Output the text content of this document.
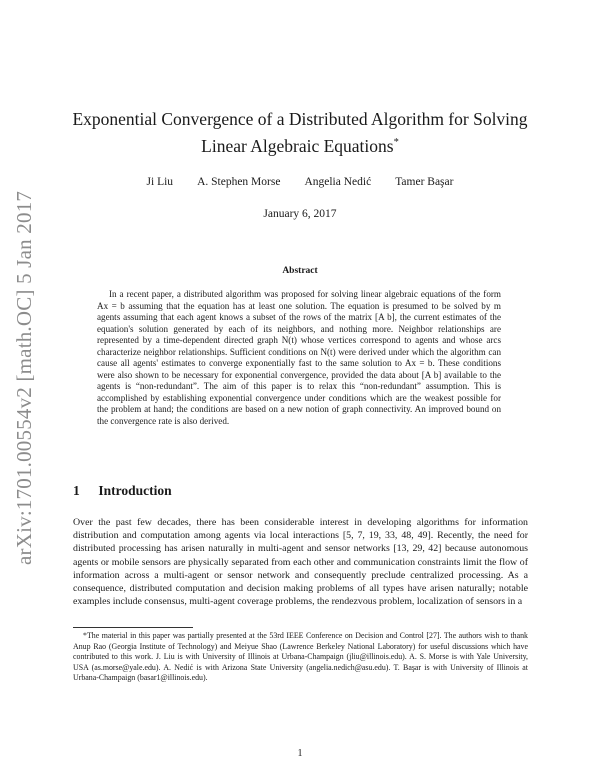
arXiv:1701.00554v2 [math.OC] 5 Jan 2017
Exponential Convergence of a Distributed Algorithm for Solving
Linear Algebraic Equations*
Ji Liu A. Stephen Morse Angelia Nedić Tamer Başar
January 6, 2017
Abstract
In a recent paper, a distributed algorithm was proposed for solving linear algebraic equations of the form Ax = b assuming that the equation has at least one solution. The equation is presumed to be solved by m agents assuming that each agent knows a subset of the rows of the matrix [A b], the current estimates of the equation's solution generated by each of its neighbors, and nothing more. Neighbor relationships are represented by a time-dependent directed graph N(t) whose vertices correspond to agents and whose arcs characterize neighbor relationships. Sufficient conditions on N(t) were derived under which the algorithm can cause all agents' estimates to converge exponentially fast to the same solution to Ax = b. These conditions were also shown to be necessary for exponential convergence, provided the data about [A b] available to the agents is “non-redundant”. The aim of this paper is to relax this “non-redundant” assumption. This is accomplished by establishing exponential convergence under conditions which are the weakest possible for the problem at hand; the conditions are based on a new notion of graph connectivity. An improved bound on the convergence rate is also derived.
1 Introduction
Over the past few decades, there has been considerable interest in developing algorithms for information distribution and computation among agents via local interactions [5, 7, 19, 33, 48, 49]. Recently, the need for distributed processing has arisen naturally in multi-agent and sensor networks [13, 29, 42] because autonomous agents or mobile sensors are physically separated from each other and communication constraints limit the flow of information across a multi-agent or sensor network and consequently preclude centralized processing. As a consequence, distributed computation and decision making problems of all types have arisen naturally; notable examples include consensus, multi-agent coverage problems, the rendezvous problem, localization of sensors in a
*The material in this paper was partially presented at the 53rd IEEE Conference on Decision and Control [27]. The authors wish to thank Anup Rao (Georgia Institute of Technology) and Meiyue Shao (Lawrence Berkeley National Laboratory) for useful discussions which have contributed to this work. J. Liu is with University of Illinois at Urbana-Champaign (jliu@illinois.edu). A. S. Morse is with Yale University, USA (as.morse@yale.edu). A. Nedić is with Arizona State University (angelia.nedich@asu.edu). T. Başar is with University of Illinois at Urbana-Champaign (basar1@illinois.edu).
1
